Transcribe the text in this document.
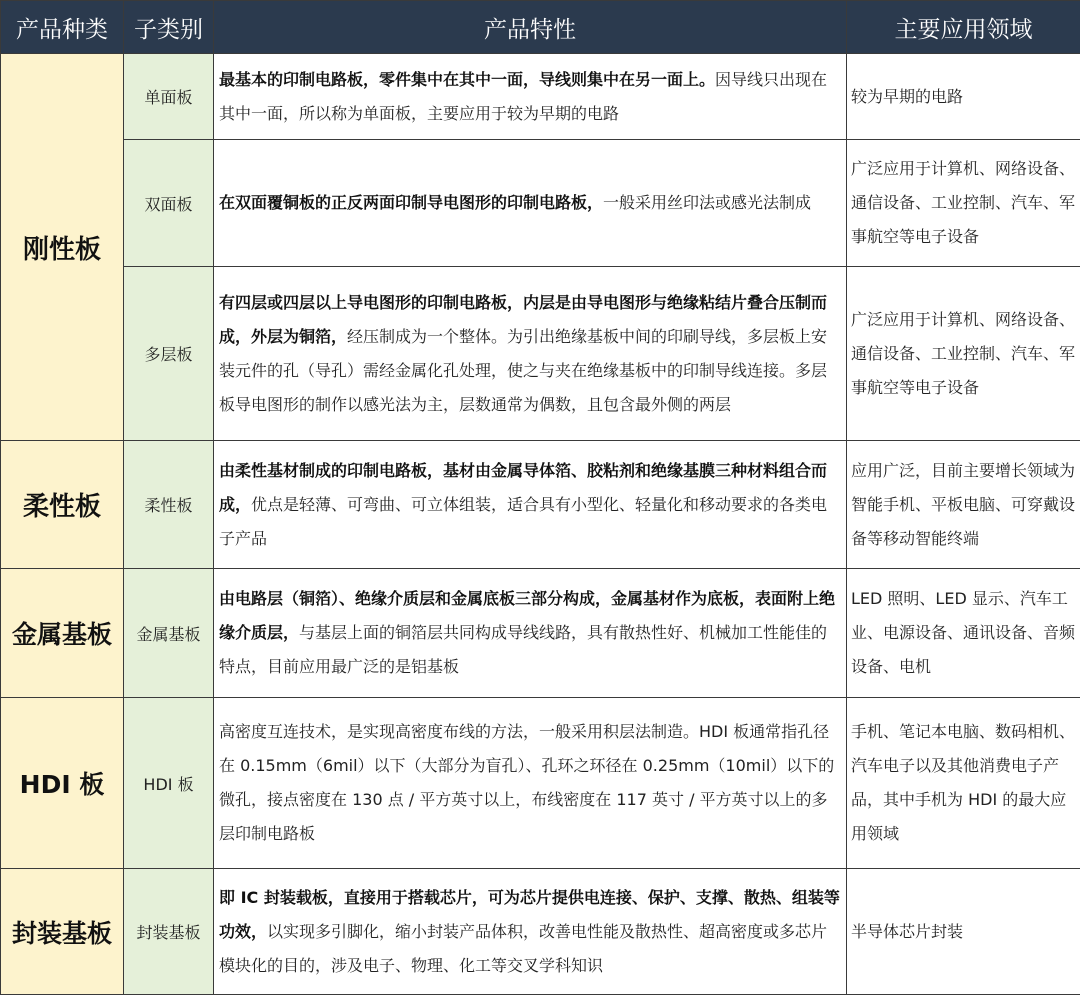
产品种类	子类别	产品特性	主要应用领域
刚性板	单面板	最基本的印制电路板，零件集中在其中一面，导线则集中在另一面上。因导线只出现在其中一面，所以称为单面板，主要应用于较为早期的电路	较为早期的电路
	双面板	在双面覆铜板的正反两面印制导电图形的印制电路板，一般采用丝印法或感光法制成	广泛应用于计算机、网络设备、通信设备、工业控制、汽车、军事航空等电子设备
	多层板	有四层或四层以上导电图形的印制电路板，内层是由导电图形与绝缘粘结片叠合压制而成，外层为铜箔，经压制成为一个整体。为引出绝缘基板中间的印刷导线，多层板上安装元件的孔（导孔）需经金属化孔处理，使之与夹在绝缘基板中的印制导线连接。多层板导电图形的制作以感光法为主，层数通常为偶数，且包含最外侧的两层	广泛应用于计算机、网络设备、通信设备、工业控制、汽车、军事航空等电子设备
柔性板	柔性板	由柔性基材制成的印制电路板，基材由金属导体箔、胶粘剂和绝缘基膜三种材料组合而成，优点是轻薄、可弯曲、可立体组装，适合具有小型化、轻量化和移动要求的各类电子产品	应用广泛，目前主要增长领域为智能手机、平板电脑、可穿戴设备等移动智能终端
金属基板	金属基板	由电路层（铜箔）、绝缘介质层和金属底板三部分构成，金属基材作为底板，表面附上绝缘介质层，与基层上面的铜箔层共同构成导线线路，具有散热性好、机械加工性能佳的特点，目前应用最广泛的是铝基板	LED 照明、LED 显示、汽车工业、电源设备、通讯设备、音频设备、电机
HDI 板	HDI 板	高密度互连技术，是实现高密度布线的方法，一般采用积层法制造。HDI 板通常指孔径在 0.15mm（6mil）以下（大部分为盲孔）、孔环之环径在 0.25mm（10mil）以下的微孔，接点密度在 130 点 / 平方英寸以上，布线密度在 117 英寸 / 平方英寸以上的多层印制电路板	手机、笔记本电脑、数码相机、汽车电子以及其他消费电子产品，其中手机为 HDI 的最大应用领域
封装基板	封装基板	即 IC 封装载板，直接用于搭载芯片，可为芯片提供电连接、保护、支撑、散热、组装等功效，以实现多引脚化，缩小封装产品体积，改善电性能及散热性、超高密度或多芯片模块化的目的，涉及电子、物理、化工等交叉学科知识	半导体芯片封装
